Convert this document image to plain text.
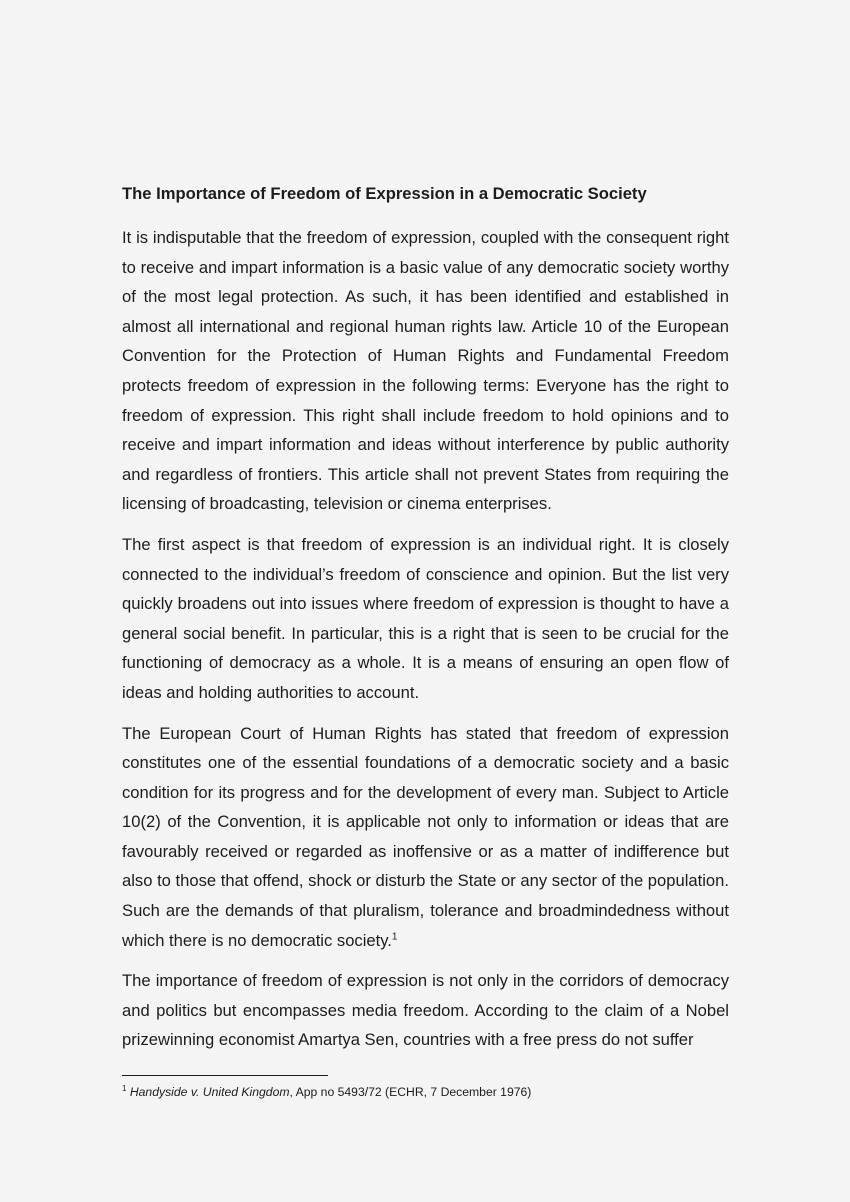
The Importance of Freedom of Expression in a Democratic Society

It is indisputable that the freedom of expression, coupled with the consequent right to receive and impart information is a basic value of any democratic society worthy of the most legal protection. As such, it has been identified and established in almost all international and regional human rights law. Article 10 of the European Convention for the Protection of Human Rights and Fundamental Freedom protects freedom of expression in the following terms: Everyone has the right to freedom of expression. This right shall include freedom to hold opinions and to receive and impart information and ideas without interference by public authority and regardless of frontiers. This article shall not prevent States from requiring the licensing of broadcasting, television or cinema enterprises.

The first aspect is that freedom of expression is an individual right. It is closely connected to the individual’s freedom of conscience and opinion. But the list very quickly broadens out into issues where freedom of expression is thought to have a general social benefit. In particular, this is a right that is seen to be crucial for the functioning of democracy as a whole. It is a means of ensuring an open flow of ideas and holding authorities to account.

The European Court of Human Rights has stated that freedom of expression constitutes one of the essential foundations of a democratic society and a basic condition for its progress and for the development of every man. Subject to Article 10(2) of the Convention, it is applicable not only to information or ideas that are favourably received or regarded as inoffensive or as a matter of indifference but also to those that offend, shock or disturb the State or any sector of the population. Such are the demands of that pluralism, tolerance and broadmindedness without which there is no democratic society.$^1$

The importance of freedom of expression is not only in the corridors of democracy and politics but encompasses media freedom. According to the claim of a Nobel prizewinning economist Amartya Sen, countries with a free press do not suffer

$^1$ Handyside v. United Kingdom, App no 5493/72 (ECHR, 7 December 1976)
